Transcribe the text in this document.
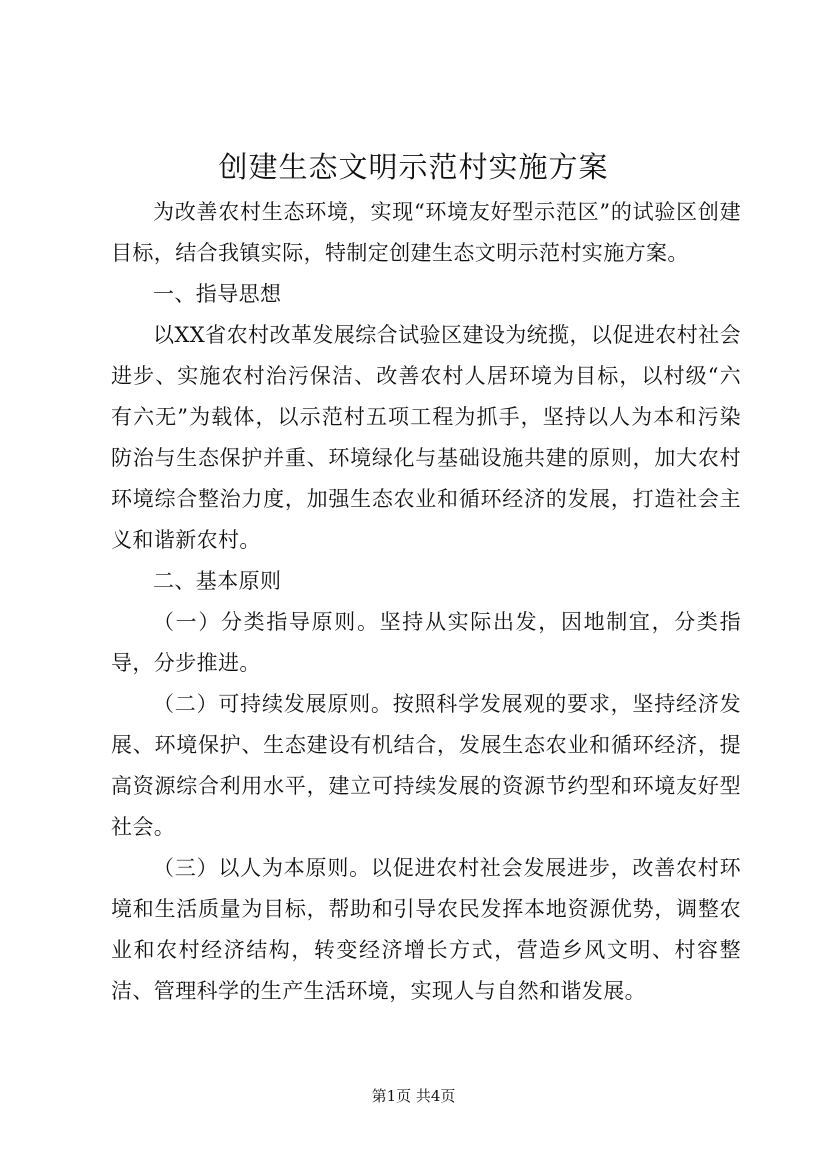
创建生态文明示范村实施方案

为改善农村生态环境，实现“环境友好型示范区”的试验区创建目标，结合我镇实际，特制定创建生态文明示范村实施方案。

一、指导思想

以XX省农村改革发展综合试验区建设为统揽，以促进农村社会进步、实施农村治污保洁、改善农村人居环境为目标，以村级“六有六无”为载体，以示范村五项工程为抓手，坚持以人为本和污染防治与生态保护并重、环境绿化与基础设施共建的原则，加大农村环境综合整治力度，加强生态农业和循环经济的发展，打造社会主义和谐新农村。

二、基本原则

（一）分类指导原则。坚持从实际出发，因地制宜，分类指导，分步推进。

（二）可持续发展原则。按照科学发展观的要求，坚持经济发展、环境保护、生态建设有机结合，发展生态农业和循环经济，提高资源综合利用水平，建立可持续发展的资源节约型和环境友好型社会。

（三）以人为本原则。以促进农村社会发展进步，改善农村环境和生活质量为目标，帮助和引导农民发挥本地资源优势，调整农业和农村经济结构，转变经济增长方式，营造乡风文明、村容整洁、管理科学的生产生活环境，实现人与自然和谐发展。

第1页 共4页
